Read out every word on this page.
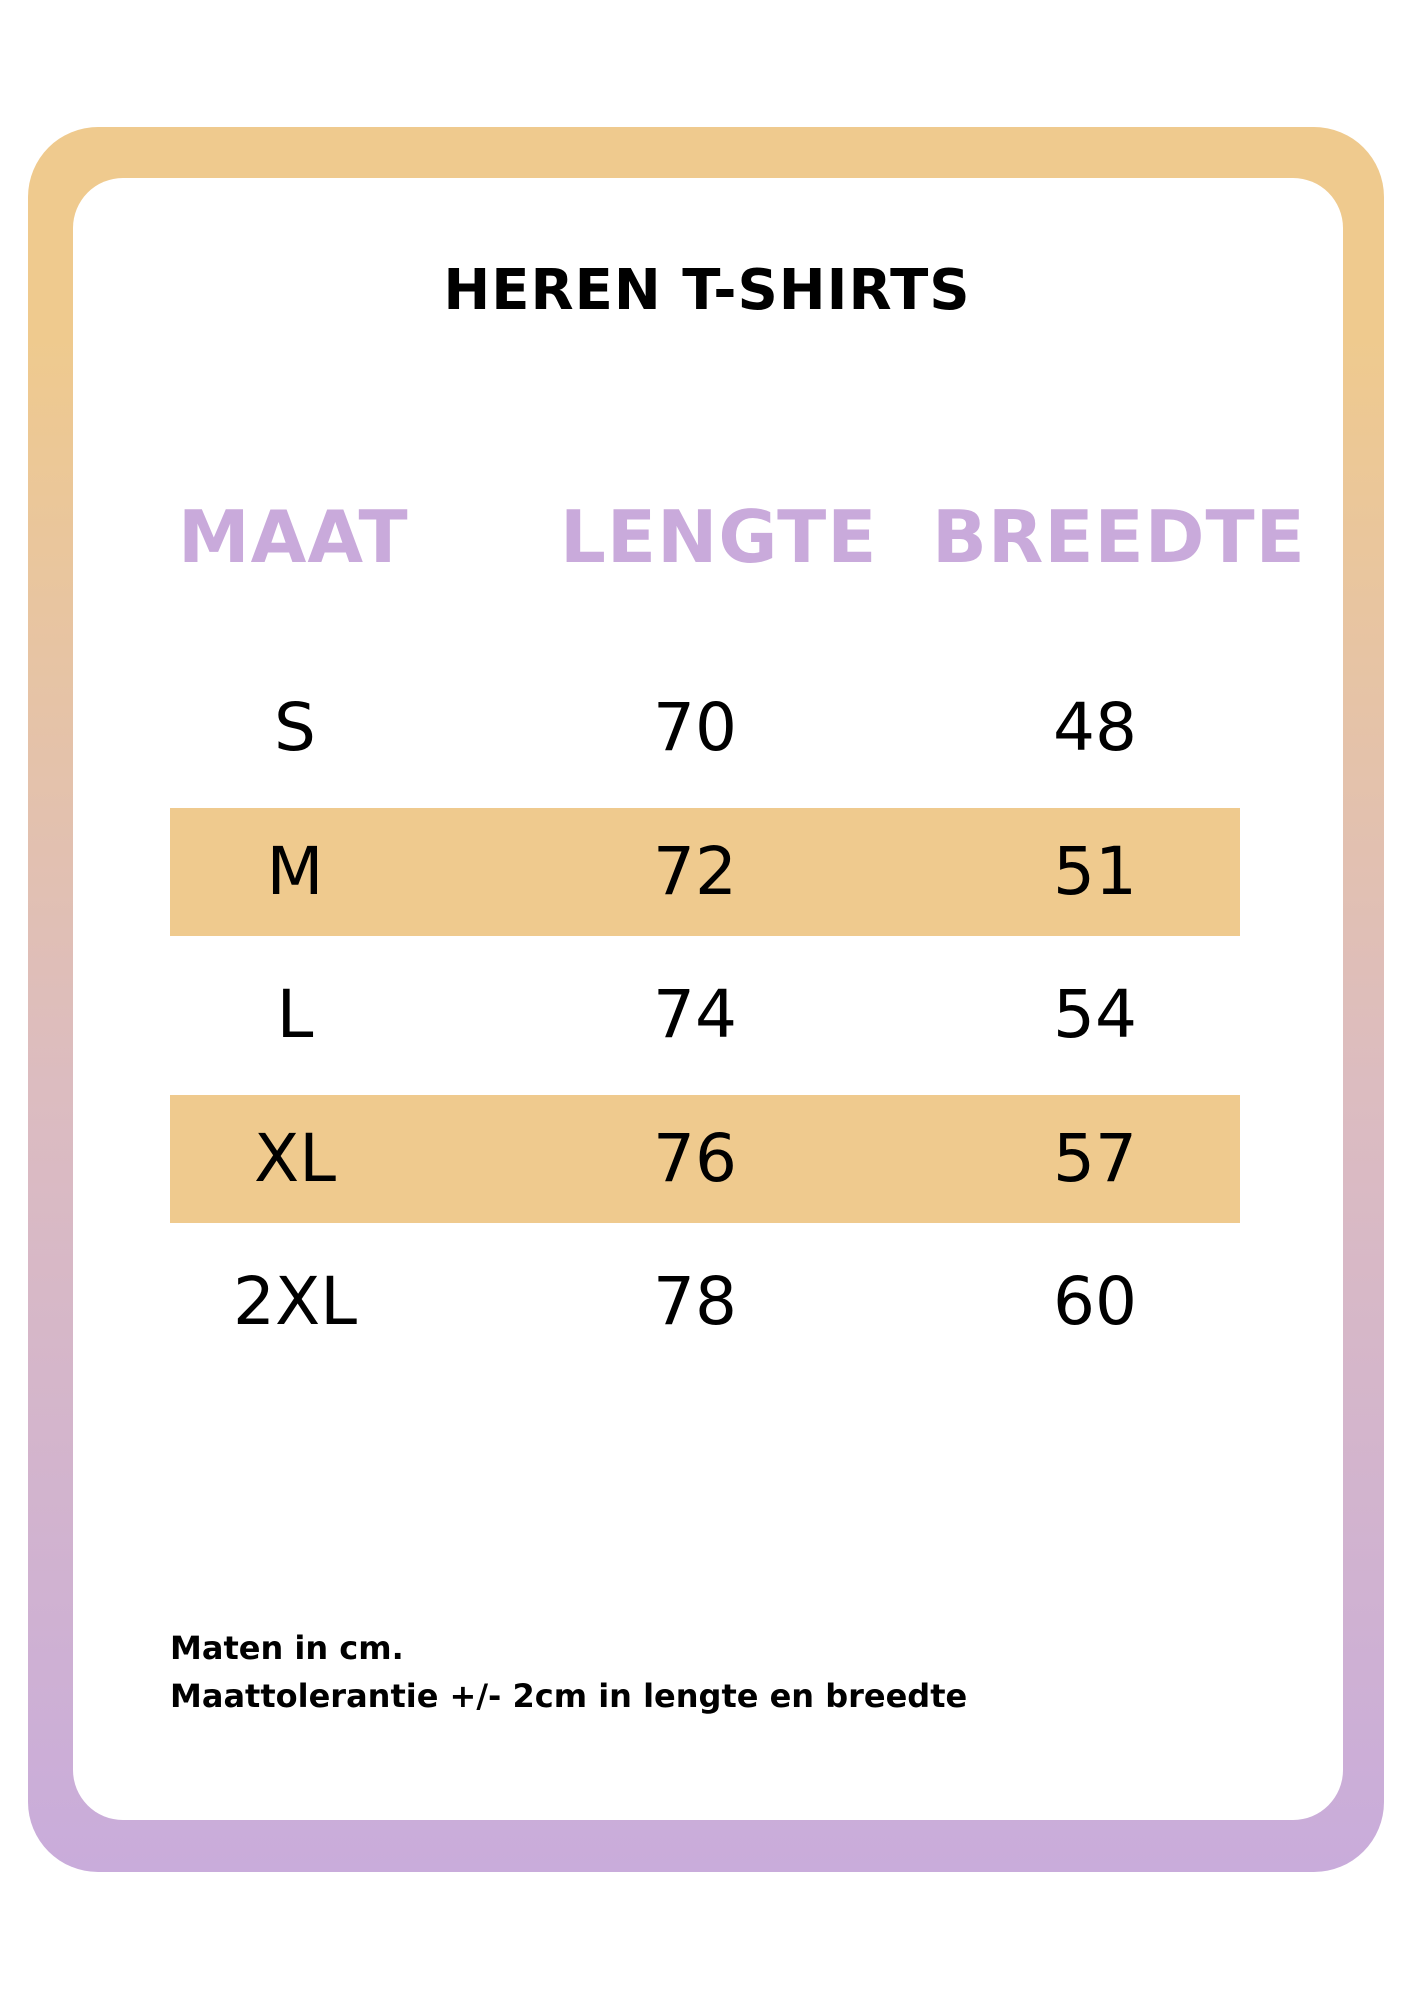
HEREN T-SHIRTS

MAAT LENGTE BREEDTE

S	70	48
M	72	51
L	74	54
XL	76	57
2XL	78	60

Maten in cm.

Maattolerantie +/- 2cm in lengte en breedte
